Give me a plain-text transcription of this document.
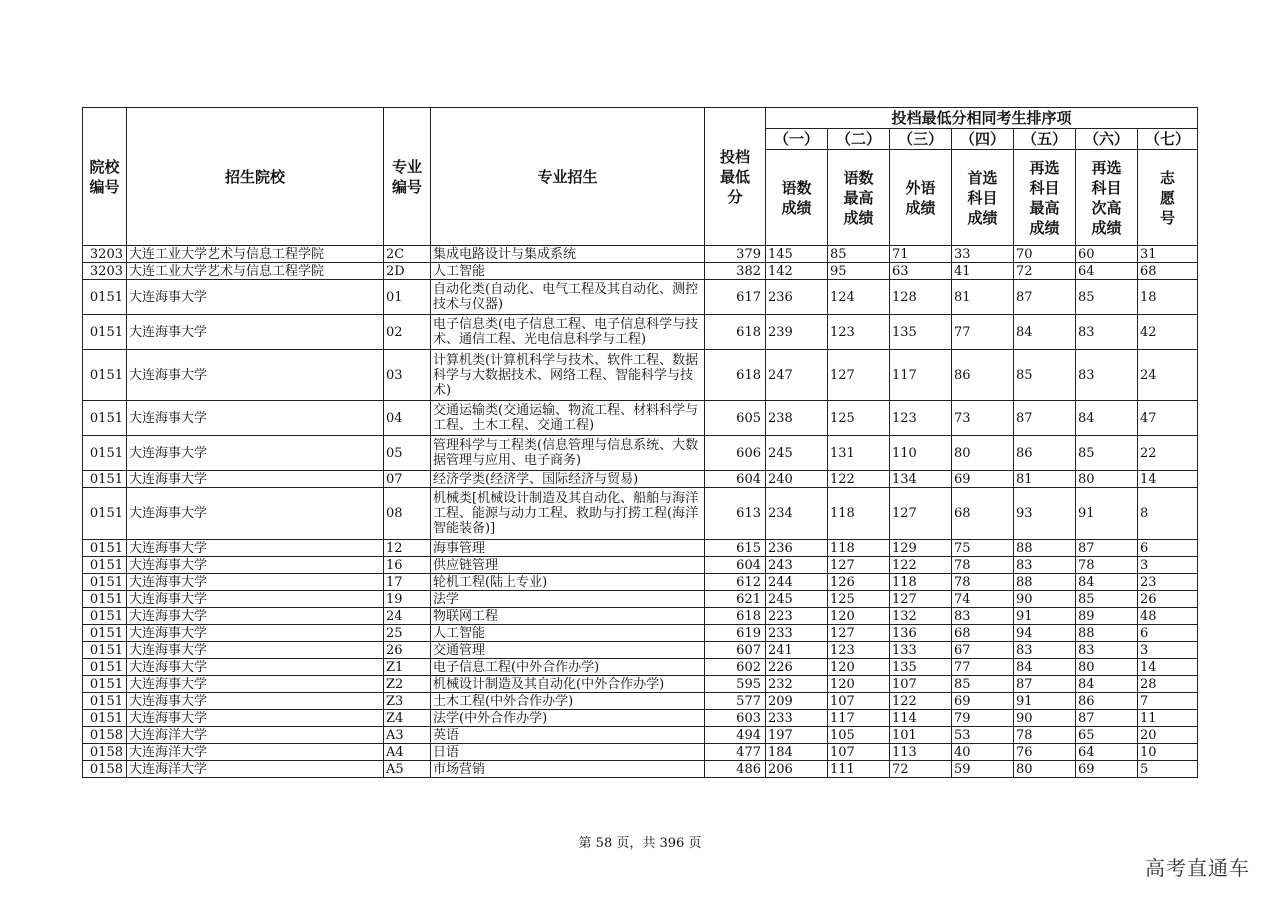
院校编号	招生院校	专业编号	专业招生	投档最低分	投档最低分相同考生排序项						
					（一）	（二）	（三）	（四）	（五）	（六）	（七）

					语数成绩	语数最高成绩	外语成绩	首选科目成绩	再选科目最高成绩	再选科目次高成绩	志愿号

3203	大连工业大学艺术与信息工程学院	2C	集成电路设计与集成系统	379	145	85	71	33	70	60	31
3203	大连工业大学艺术与信息工程学院	2D	人工智能	382	142	95	63	41	72	64	68
0151	大连海事大学	01	自动化类(自动化、电气工程及其自动化、测控技术与仪器)	617	236	124	128	81	87	85	18
0151	大连海事大学	02	电子信息类(电子信息工程、电子信息科学与技术、通信工程、光电信息科学与工程)	618	239	123	135	77	84	83	42
0151	大连海事大学	03	计算机类(计算机科学与技术、软件工程、数据科学与大数据技术、网络工程、智能科学与技术)	618	247	127	117	86	85	83	24
0151	大连海事大学	04	交通运输类(交通运输、物流工程、材料科学与工程、土木工程、交通工程)	605	238	125	123	73	87	84	47
0151	大连海事大学	05	管理科学与工程类(信息管理与信息系统、大数据管理与应用、电子商务)	606	245	131	110	80	86	85	22
0151	大连海事大学	07	经济学类(经济学、国际经济与贸易)	604	240	122	134	69	81	80	14
0151	大连海事大学	08	机械类[机械设计制造及其自动化、船舶与海洋工程、能源与动力工程、救助与打捞工程(海洋智能装备)]	613	234	118	127	68	93	91	8
0151	大连海事大学	12	海事管理	615	236	118	129	75	88	87	6
0151	大连海事大学	16	供应链管理	604	243	127	122	78	83	78	3
0151	大连海事大学	17	轮机工程(陆上专业)	612	244	126	118	78	88	84	23
0151	大连海事大学	19	法学	621	245	125	127	74	90	85	26
0151	大连海事大学	24	物联网工程	618	223	120	132	83	91	89	48
0151	大连海事大学	25	人工智能	619	233	127	136	68	94	88	6
0151	大连海事大学	26	交通管理	607	241	123	133	67	83	83	3
0151	大连海事大学	Z1	电子信息工程(中外合作办学)	602	226	120	135	77	84	80	14
0151	大连海事大学	Z2	机械设计制造及其自动化(中外合作办学)	595	232	120	107	85	87	84	28
0151	大连海事大学	Z3	土木工程(中外合作办学)	577	209	107	122	69	91	86	7
0151	大连海事大学	Z4	法学(中外合作办学)	603	233	117	114	79	90	87	11
0158	大连海洋大学	A3	英语	494	197	105	101	53	78	65	20
0158	大连海洋大学	A4	日语	477	184	107	113	40	76	64	10
0158	大连海洋大学	A5	市场营销	486	206	111	72	59	80	69	5
第 58 页，共 396 页
高考直通车
